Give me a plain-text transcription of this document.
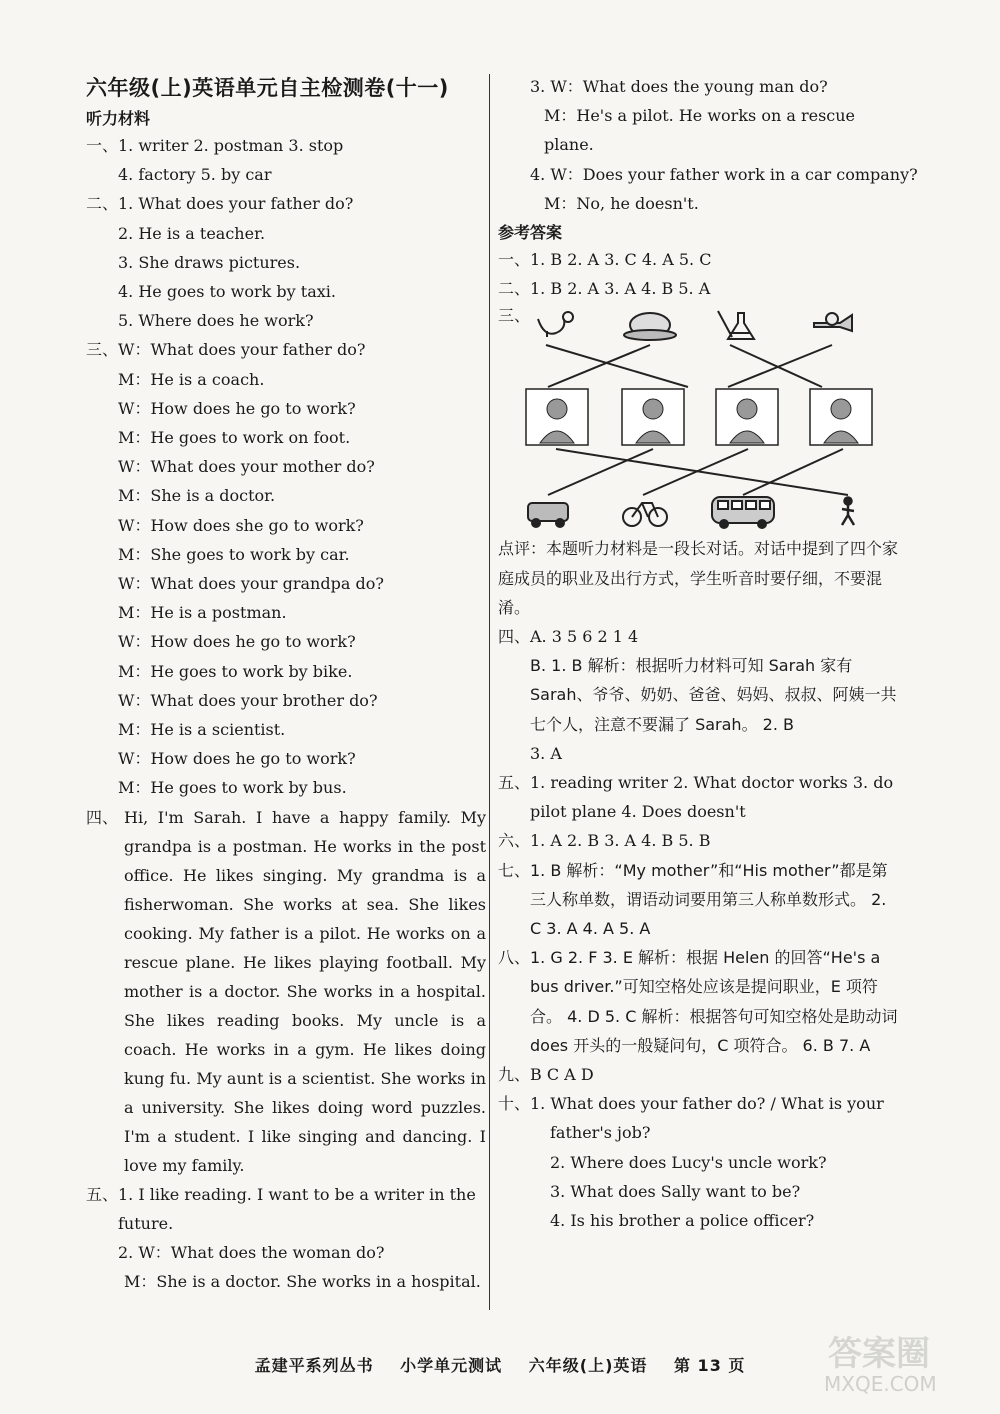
六年级(上)英语单元自主检测卷(十一)
听力材料
一、1. writer 2. postman 3. stop
4. factory 5. by car
二、1. What does your father do?
2. He is a teacher.
3. She draws pictures.
4. He goes to work by taxi.
5. Where does he work?
三、W：What does your father do?
M：He is a coach.
W：How does he go to work?
M：He goes to work on foot.
W：What does your mother do?
M：She is a doctor.
W：How does she go to work?
M：She goes to work by car.
W：What does your grandpa do?
M：He is a postman.
W：How does he go to work?
M：He goes to work by bike.
W：What does your brother do?
M：He is a scientist.
W：How does he go to work?
M：He goes to work by bus.
四、 Hi, I'm Sarah. I have a happy family. My grandpa is a postman. He works in the post office. He likes singing. My grandma is a fisherwoman. She works at sea. She likes cooking. My father is a pilot. He works on a rescue plane. He likes playing football. My mother is a doctor. She works in a hospital. She likes reading books. My uncle is a coach. He works in a gym. He likes doing kung fu. My aunt is a scientist. She works in a university. She likes doing word puzzles. I'm a student. I like singing and dancing. I love my family.
五、1. I like reading. I want to be a writer in the future.
2. W：What does the woman do?
M：She is a doctor. She works in a hospital.
3. W：What does the young man do?
M：He's a pilot. He works on a rescue plane.
4. W：Does your father work in a car company?
M：No, he doesn't.
参考答案
一、1. B 2. A 3. C 4. A 5. C
二、1. B 2. A 3. A 4. B 5. A
三、
点评：本题听力材料是一段长对话。对话中提到了四个家庭成员的职业及出行方式，学生听音时要仔细，不要混淆。
四、A. 3 5 6 2 1 4
B. 1. B 解析：根据听力材料可知 Sarah 家有 Sarah、爷爷、奶奶、爸爸、妈妈、叔叔、阿姨一共七个人，注意不要漏了 Sarah。 2. B
3. A
五、1. reading writer 2. What doctor works 3. do pilot plane 4. Does doesn't
六、1. A 2. B 3. A 4. B 5. B
七、1. B 解析：“My mother”和“His mother”都是第三人称单数，谓语动词要用第三人称单数形式。 2. C 3. A 4. A 5. A
八、1. G 2. F 3. E 解析：根据 Helen 的回答“He's a bus driver.”可知空格处应该是提问职业，E 项符合。 4. D 5. C 解析：根据答句可知空格处是助动词 does 开头的一般疑问句，C 项符合。 6. B 7. A
九、B C A D
十、1. What does your father do? / What is your father's job?
2. Where does Lucy's uncle work?
3. What does Sally want to be?
4. Is his brother a police officer?
孟建平系列丛书 小学单元测试 六年级(上)英语 第 13 页	答案圈
MXQE.COM
